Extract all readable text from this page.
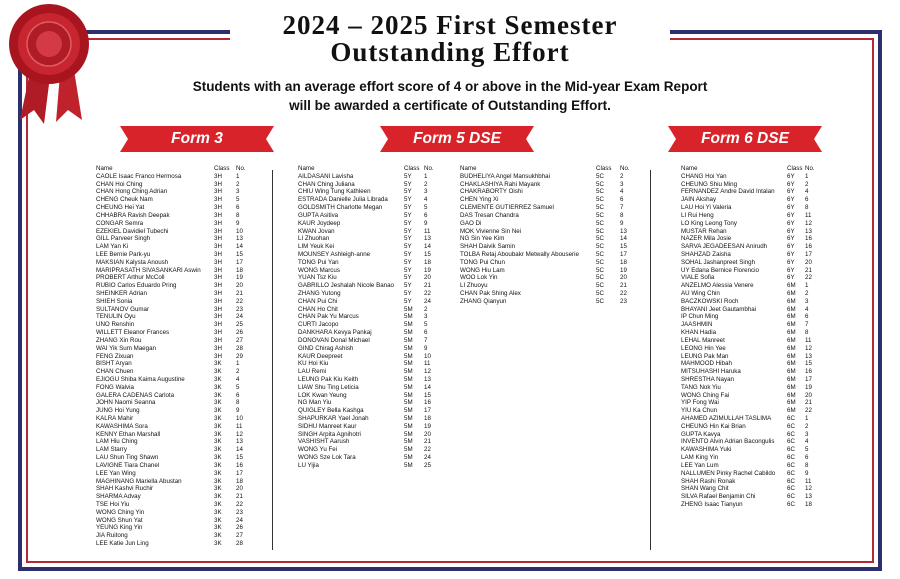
2024 – 2025 First Semester
Outstanding Effort
Students with an average effort score of 4 or above in the Mid-year Exam Report
will be awarded a certificate of Outstanding Effort.
Form 3	Form 5 DSE	Form 6 DSE
Name	Class No.
CAOLE Isaac Franco Hermosa	3H 1
CHAN Hoi Ching	3H 2
CHAN Hong Ching Adrian	3H 3
CHENG Cheuk Nam	3H 5
CHEUNG Hei Yat	3H 6
CHHABRA Ravish Deepak	3H 8
CONGAR Semra	3H 9
EZEKIEL Davidiel Tubechi	3H 10
GILL Parveer Singh	3H 13
LAM Yan Ki	3H 14
LEE Bernie Park-yu	3H 15
MAKSIAN Kalysta Anoush	3H 17
MARIPRASATH SIVASANKARI Aswin 3H 18
PROBERT Arthur McColl	3H 19
RUBIO Carlos Eduardo Pring	3H 20
SHEINKER Adrian	3H 21
SHIEH Sonia	3H 22
SULTANOV Gumar	3H 23
TENULIN Oyu	3H 24
UNO Renshin	3H 25
WILLETT Eleanor Frances	3H 26
ZHANG Xin Rou	3H 27
WAI Yik Sum Maegan	3H 28
FENG Zixuan	3H 29
BISHT Aryan	3K 1
CHAN Chuen	3K 2
EJIOGU Shiba Kaima Augustine	3K 4
FONG Walvia	3K 5
GALERA CADENAS Carlota	3K 6
JOHN Naomi Seanna	3K 8
JUNG Hoi Yung	3K 9
KALRA Mahir	3K 10
KAWASHIMA Sora	3K 11
KENNY Ethan Marshall	3K 12
LAM Hiu Ching	3K 13
LAM Starry	3K 14
LAU Shun Ting Shawn	3K 15
LAVIGNE Tiara Chanel	3K 16
LEE Yan Wing	3K 17
MAGHINANG Mariella Abustan	3K 18
SHAH Kashvi Ruchir	3K 20
SHARMA Advay	3K 21
TSE Hoi Yiu	3K 22
WONG Ching Yin	3K 23
WONG Shun Yat	3K 24
YEUNG King Yin	3K 26
JIA Ruitong	3K 27
LEE Katie Jun Ling	3K 28
Name	Class No.
AILDASANI Lavisha	5Y 1
CHAN Ching Juliana	5Y 2
CHIU Wing Tung Kathleen	5Y 3
ESTRADA Danielle Julia Librada	5Y 4
GOLDSMITH Charlotte Megan	5Y 5
GUPTA Asitiva	5Y 6
KAUR Joydeep	5Y 9
KWAN Jovan	5Y 11
LI Zhuohan	5Y 13
LIM Yeuk Kei	5Y 14
MOUNSEY Ashleigh-anne	5Y 15
TONG Pui Yan	5Y 18
WONG Marcus	5Y 19
YUAN Tsz Kiu	5Y 20
GABRILLO Jeshalah Nicole Banao 5Y 21
ZHANG Yutong	5Y 22
CHAN Pui Chi	5Y 24
CHAN Ho Chit	5M 2
CHAN Pak Yu Marcus	5M 3
CURTI Jacopo	5M 5
DANKHARA Kevya Pankaj	5M 6
DONOVAN Donal Michael	5M 7
GIND Chirag Ashish	5M 9
KAUR Deepreet	5M 10
KU Hoi Kiu	5M 11
LAU Remi	5M 12
LEUNG Pak Kiu Keith	5M 13
LIAW Shu Ting Leticia	5M 14
LOK Kwan Yeung	5M 15
NG Man Yiu	5M 16
QUIGLEY Bella Kashga	5M 17
SHAPURKAR Yael Jonah	5M 18
SIDHU Manreet Kaur	5M 19
SINGH Arpita Agnihotri	5M 20
VASHISHT Aarush	5M 21
WONG Yu Fei	5M 22
WONG Sze Lok Tara	5M 24
LU Yijia	5M 25
Name	Class No.
BUDHELIYA Angel Mansukhbhai	5C	2
CHAKLASHIYA Rahi Mayank	5C	3
CHAKRABORTY Oishi	5C	4
CHEN Ying Xi	5C	6
CLEMENTE GUTIERREZ Samuel	5C	7
DAS Tresan Chandra	5C	8
GAO Di	5C	9
MOK Vivienne Sin Nei	5C	13
NG Sin Yee Kim	5C	14
SHAH Daivik Samin	5C	15
TOLBA Retaj Aboubakr Metwally Abouserie	5C	17
TONG Pui Chun	5C	18
WONG Hiu Lam	5C	19
WOO Lok Yin	5C	20
LI Zhuoyu	5C	21
CHAN Pak Shing Alex	5C	22
ZHANG Qianyun	5C	23
Name	Class No.
CHANG Hoi Yan	6Y 1
CHEUNG Shiu Ming	6Y 2
FERNANDEZ Andre David Intalan 6Y 4
JAIN Akshay	6Y 6
LAU Hoi Yi Valeria	6Y 8
LI Rui Heng	6Y 11
LO King Leong Tony	6Y 12
MUSTAR Rehan	6Y 13
NAZER Mila Josie	6Y 16
SARVA JEGADEESAN Anirudh	6Y 16
SHAHZAD Zaisha	6Y 17
SOHAL Jashanpreet Singh	6Y 20
UY Edana Bernice Florencio	6Y 21
VIALE Sofia	6Y 22
ANZELMO Alessia Venere	6M 1
AU Wing Chin	6M 2
BACZKOWSKI Roch	6M 3
BHAYANI Jeet Gautambhai	6M 4
IP Chun Ming	6M 6
JAASHMIN	6M 7
KHAN Hadia	6M 8
LEHAL Manreet	6M 11
LEONG Hin Yee	6M 12
LEUNG Pak Man	6M 13
MAHMOOD Hibah	6M 15
MITSUHASHI Haruka	6M 16
SHRESTHA Nayan	6M 17
TANG Nok Yiu	6M 19
WONG Ching Fai	6M 20
YIP Fong Wai	6M 21
YIU Ka Chun	6M 22
AHAMED AZIMULLAH TASLIMA	6C 1
CHEUNG Hin Kai Brian	6C 2
GUPTA Kavya	6C 3
INVENTO Alvin Adrian Bacongulis 6C 4
KAWASHIMA Yuki	6C 5
LAM King Yin	6C 6
LEE Yan Lum	6C 8
NALLUMEN Pinky Rachel Cabildo 6C 9
SHAH Rashi Ronak	6C 11
SHAN Wang Chit	6C 12
SILVA Rafael Benjamin Chi	6C 13
ZHENG Isaac Tianyun	6C 18
